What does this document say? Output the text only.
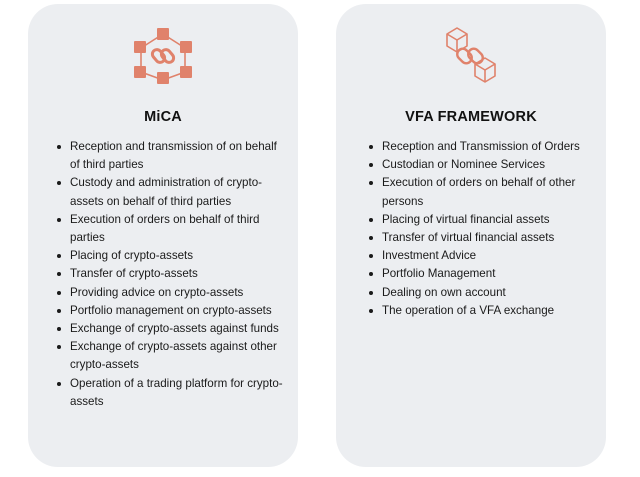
MiCA
Reception and transmission of on behalf of third parties
Custody and administration of crypto-assets on behalf of third parties
Execution of orders on behalf of third parties
Placing of crypto-assets
Transfer of crypto-assets
Providing advice on crypto-assets
Portfolio management on crypto-assets
Exchange of crypto-assets against funds
Exchange of crypto-assets against other crypto-assets
Operation of a trading platform for crypto-assets
VFA FRAMEWORK
Reception and Transmission of Orders
Custodian or Nominee Services
Execution of orders on behalf of other persons
Placing of virtual financial assets
Transfer of virtual financial assets
Investment Advice
Portfolio Management
Dealing on own account
The operation of a VFA exchange
